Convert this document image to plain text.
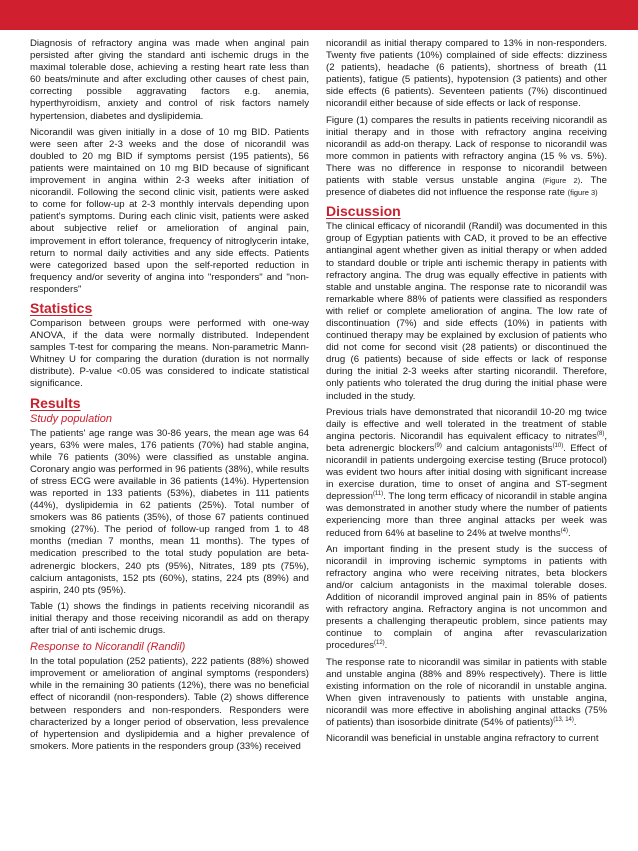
Diagnosis of refractory angina was made when anginal pain persisted after giving the standard anti ischemic drugs in the maximal tolerable dose, achieving a resting heart rate less than 60 beats/minute and after excluding other causes of chest pain, correcting possible aggravating factors e.g. anemia, hyperthyroidism, anxiety and control of risk factors namely hypertension, diabetes and dyslipidemia.

Nicorandil was given initially in a dose of 10 mg BID. Patients were seen after 2-3 weeks and the dose of nicorandil was doubled to 20 mg BID if symptoms persist (195 patients), 56 patients were maintained on 10 mg BID because of significant improvement in angina within 2-3 weeks after initiation of nicorandil. Following the second clinic visit, patients were asked to come for follow-up at 2-3 monthly intervals depending upon patient's symptoms. During each clinic visit, patients were asked about subjective relief or amelioration of anginal pain, improvement in effort tolerance, frequency of nitroglycerin intake, return to normal daily activities and any side effects. Patients were categorized based upon the self-reported reduction in frequency and/or severity of angina into "responders" and "non-responders"

Statistics

Comparison between groups were performed with one-way ANOVA, if the data were normally distributed. Independent samples T-test for comparing the means. Non-parametric Mann-Whitney U for comparing the duration (duration is not normally distribute). P-value <0.05 was considered to indicate statistical significance.

Results
Study population

The patients' age range was 30-86 years, the mean age was 64 years, 63% were males, 176 patients (70%) had stable angina, while 76 patients (30%) were classified as unstable angina. Coronary angio was performed in 96 patients (38%), while results of stress ECG were available in 36 patients (14%). Hypertension was reported in 133 patients (53%), diabetes in 111 patients (44%), dyslipidemia in 62 patients (25%). Total number of smokers was 86 patients (35%), of those 67 patients continued smoking (27%). The period of follow-up ranged from 1 to 48 months (median 7 months, mean 11 months). The types of medication prescribed to the total study population are beta-adrenergic blockers, 240 pts (95%), Nitrates, 189 pts (75%), calcium antagonists, 152 pts (60%), statins, 224 pts (89%) and aspirin, 240 pts (95%).

Table (1) shows the findings in patients receiving nicorandil as initial therapy and those receiving nicorandil as add on therapy after trial of anti ischemic drugs.

Response to Nicorandil (Randil)

In the total population (252 patients), 222 patients (88%) showed improvement or amelioration of anginal symptoms (responders) while in the remaining 30 patients (12%), there was no beneficial effect of nicorandil (non-responders). Table (2) shows difference between responders and non-responders. Responders were characterized by a longer period of observation, less prevalence of hypertension and dyslipidemia and a higher prevalence of smokers. More patients in the responders group (33%) received

nicorandil as initial therapy compared to 13% in non-responders. Twenty five patients (10%) complained of side effects: dizziness (2 patients), headache (6 patients), shortness of breath (11 patients), fatigue (5 patients), hypotension (3 patients) and other side effects (6 patients). Seventeen patients (7%) discontinued nicorandil either because of side effects or lack of response.

Figure (1) compares the results in patients receiving nicorandil as initial therapy and in those with refractory angina receiving nicorandil as add-on therapy. Lack of response to nicorandil was more common in patients with refractory angina (15 % vs. 5%). There was no difference in response to nicorandil between patients with stable versus unstable angina (Figure 2). The presence of diabetes did not influence the response rate (figure 3)

Discussion

The clinical efficacy of nicorandil (Randil) was documented in this group of Egyptian patients with CAD, it proved to be an effective antianginal agent whether given as initial therapy or when added to standard double or triple anti ischemic therapy in patients with refractory angina. The drug was equally effective in patients with stable and unstable angina. The response rate to nicorandil was remarkable where 88% of patients were classified as responders with relief or complete amelioration of angina. The low rate of discontinuation (7%) and side effects (10%) in patients with continued therapy may be explained by exclusion of patients who did not come for second visit (28 patients) or discontinued the drug (6 patients) because of side effects or lack of response during the initial 2-3 weeks after starting nicorandil. Therefore, only patients who tolerated the drug during the initial phase were included in the study.

Previous trials have demonstrated that nicorandil 10-20 mg twice daily is effective and well tolerated in the treatment of stable angina pectoris. Nicorandil has equivalent efficacy to nitrates$^{(8)}$, beta adrenergic blockers$^{(9)}$ and calcium antagonists$^{(10)}$. Effect of nicorandil in patients undergoing exercise testing (Bruce protocol) was evident two hours after initial dosing with significant increase in exercise duration, time to onset of angina and ST-segment depression$^{(11)}$. The long term efficacy of nicorandil in stable angina was demonstrated in another study where the number of patients experiencing more than three anginal attacks per week was reduced from 64% at baseline to 24% at twelve months$^{(4)}$.

An important finding in the present study is the success of nicorandil in improving ischemic symptoms in patients with refractory angina who were receiving nitrates, beta blockers and/or calcium antagonists in the maximal tolerable doses. Addition of nicorandil improved anginal pain in 85% of patients with refractory angina. Refractory angina is not uncommon and presents a challenging therapeutic problem, since patients may continue to complain of angina after revascularization procedures$^{(12)}$.

The response rate to nicorandil was similar in patients with stable and unstable angina (88% and 89% respectively). There is little existing information on the role of nicorandil in unstable angina. When given intravenously to patients with unstable angina, nicorandil was more effective in abolishing anginal attacks (75% of patients) than isosorbide dinitrate (54% of patients)$^{(13, 14)}$.

Nicorandil was beneficial in unstable angina refractory to current
